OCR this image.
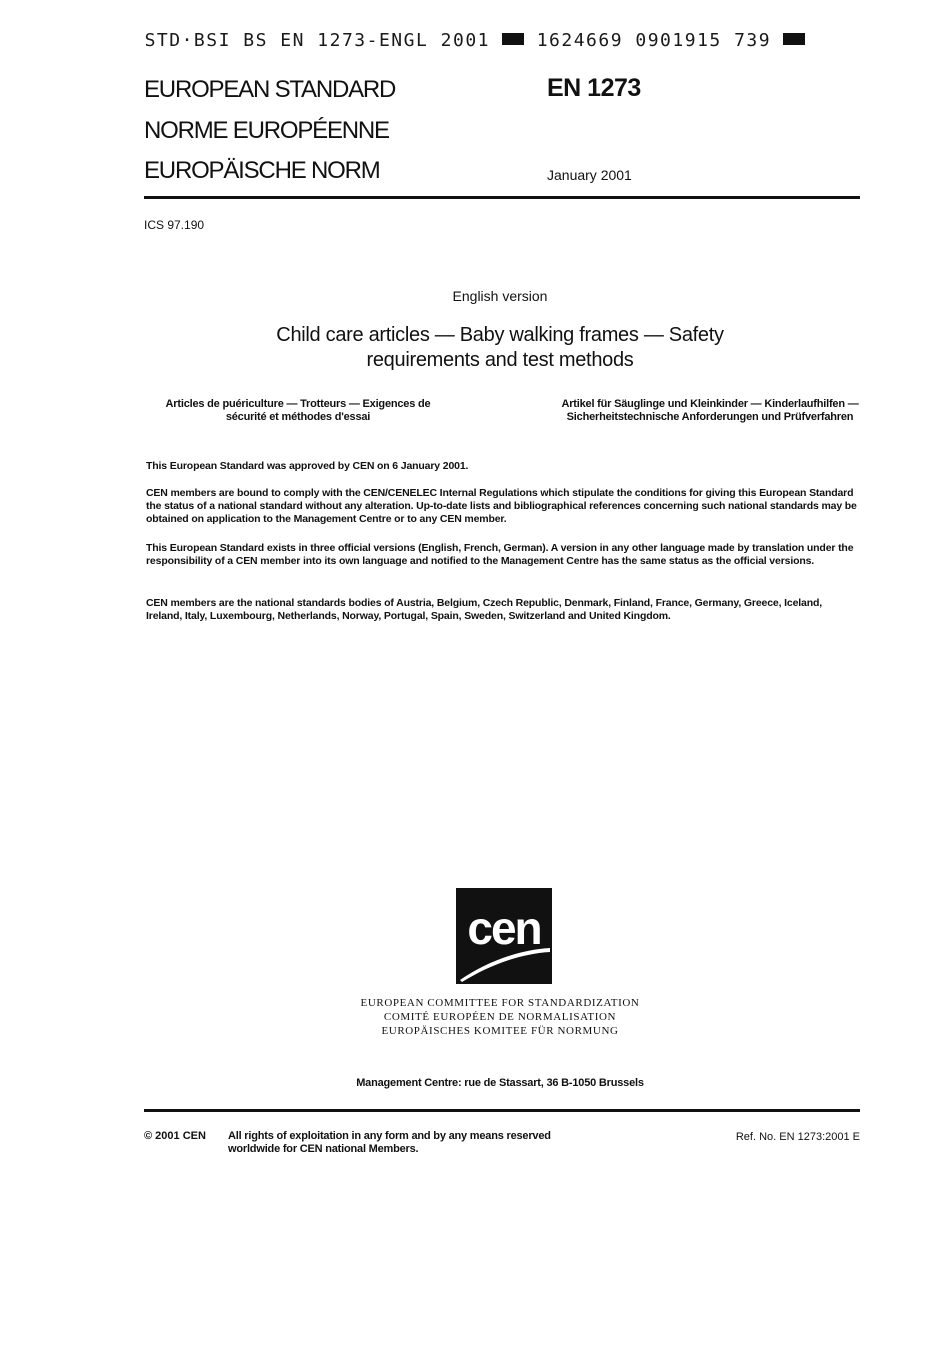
STD·BSI BS EN 1273-ENGL 2001	1624669 0901915 739
EUROPEAN STANDARD
NORME EUROPÉENNE
EUROPÄISCHE NORM
EN 1273
January 2001
ICS 97.190
English version
Child care articles — Baby walking frames — Safety
requirements and test methods
Articles de puériculture — Trotteurs — Exigences de
sécurité et méthodes d'essai
Artikel für Säuglinge und Kleinkinder — Kinderlaufhilfen —
Sicherheitstechnische Anforderungen und Prüfverfahren
This European Standard was approved by CEN on 6 January 2001.
CEN members are bound to comply with the CEN/CENELEC Internal Regulations which stipulate the conditions for giving this European Standard the status of a national standard without any alteration. Up-to-date lists and bibliographical references concerning such national standards may be obtained on application to the Management Centre or to any CEN member.
This European Standard exists in three official versions (English, French, German). A version in any other language made by translation under the responsibility of a CEN member into its own language and notified to the Management Centre has the same status as the official versions.
CEN members are the national standards bodies of Austria, Belgium, Czech Republic, Denmark, Finland, France, Germany, Greece, Iceland, Ireland, Italy, Luxembourg, Netherlands, Norway, Portugal, Spain, Sweden, Switzerland and United Kingdom.
cen
EUROPEAN COMMITTEE FOR STANDARDIZATION
COMITÉ EUROPÉEN DE NORMALISATION
EUROPÄISCHES KOMITEE FÜR NORMUNG
Management Centre: rue de Stassart, 36 B-1050 Brussels
© 2001 CEN All rights of exploitation in any form and by any means reserved
worldwide for CEN national Members.
Ref. No. EN 1273:2001 E
